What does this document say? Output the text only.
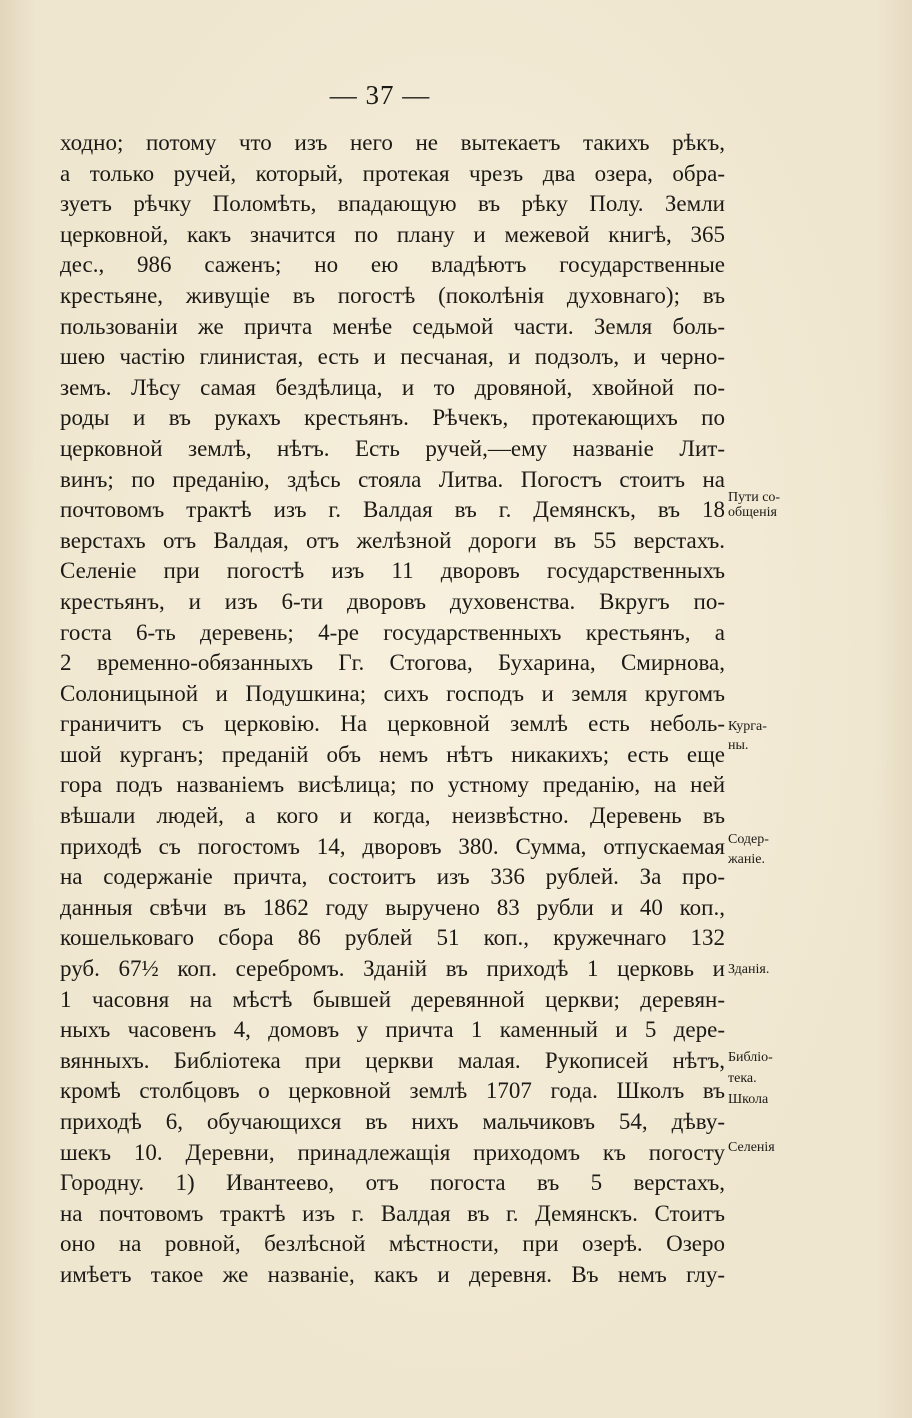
— 37 —
ходно; потому что изъ него не вытекаетъ такихъ рѣкъ,
а только ручей, который, протекая чрезъ два озера, обра-
зуетъ рѣчку Поломѣть, впадающую въ рѣку Полу. Земли
церковной, какъ значится по плану и межевой книгѣ, 365
дес., 986 саженъ; но ею владѣютъ государственные
крестьяне, живущіе въ погостѣ (поколѣнія духовнаго); въ
пользованіи же причта менѣе седьмой части. Земля боль-
шею частію глинистая, есть и песчаная, и подзолъ, и черно-
земъ. Лѣсу самая бездѣлица, и то дровяной, хвойной по-
роды и въ рукахъ крестьянъ. Рѣчекъ, протекающихъ по
церковной землѣ, нѣтъ. Есть ручей,—ему названіе Лит-
винъ; по преданію, здѣсь стояла Литва. Погостъ стоитъ на
почтовомъ трактѣ изъ г. Валдая въ г. Демянскъ, въ 18
верстахъ отъ Валдая, отъ желѣзной дороги въ 55 верстахъ.
Селеніе при погостѣ изъ 11 дворовъ государственныхъ
крестьянъ, и изъ 6-ти дворовъ духовенства. Вкругъ по-
госта 6-ть деревень; 4-ре государственныхъ крестьянъ, а
2 временно-обязанныхъ Гг. Стогова, Бухарина, Смирнова,
Солоницыной и Подушкина; сихъ господъ и земля кругомъ
граничитъ съ церковію. На церковной землѣ есть неболь-
шой курганъ; преданій объ немъ нѣтъ никакихъ; есть еще
гора подъ названіемъ висѣлица; по устному преданію, на ней
вѣшали людей, а кого и когда, неизвѣстно. Деревень въ
приходѣ съ погостомъ 14, дворовъ 380. Сумма, отпускаемая
на содержаніе причта, состоитъ изъ 336 рублей. За про-
данныя свѣчи въ 1862 году выручено 83 рубли и 40 коп.,
кошельковаго сбора 86 рублей 51 коп., кружечнаго 132
руб. 67½ коп. серебромъ. Зданій въ приходѣ 1 церковь и
1 часовня на мѣстѣ бывшей деревянной церкви; деревян-
ныхъ часовенъ 4, домовъ у причта 1 каменный и 5 дере-
вянныхъ. Библіотека при церкви малая. Рукописей нѣтъ,
кромѣ столбцовъ о церковной землѣ 1707 года. Школъ въ
приходѣ 6, обучающихся въ нихъ мальчиковъ 54, дѣву-
шекъ 10. Деревни, принадлежащія приходомъ къ погосту
Городну. 1) Ивантеево, отъ погоста въ 5 верстахъ,
на почтовомъ трактѣ изъ г. Валдая въ г. Демянскъ. Стоитъ
оно на ровной, безлѣсной мѣстности, при озерѣ. Озеро
имѣетъ такое же названіе, какъ и деревня. Въ немъ глу-
Пути со-
общенія
Курга-
ны.
Содер-
жаніе.
Зданія.
Библіо-
тека.
Школа
Селенія
